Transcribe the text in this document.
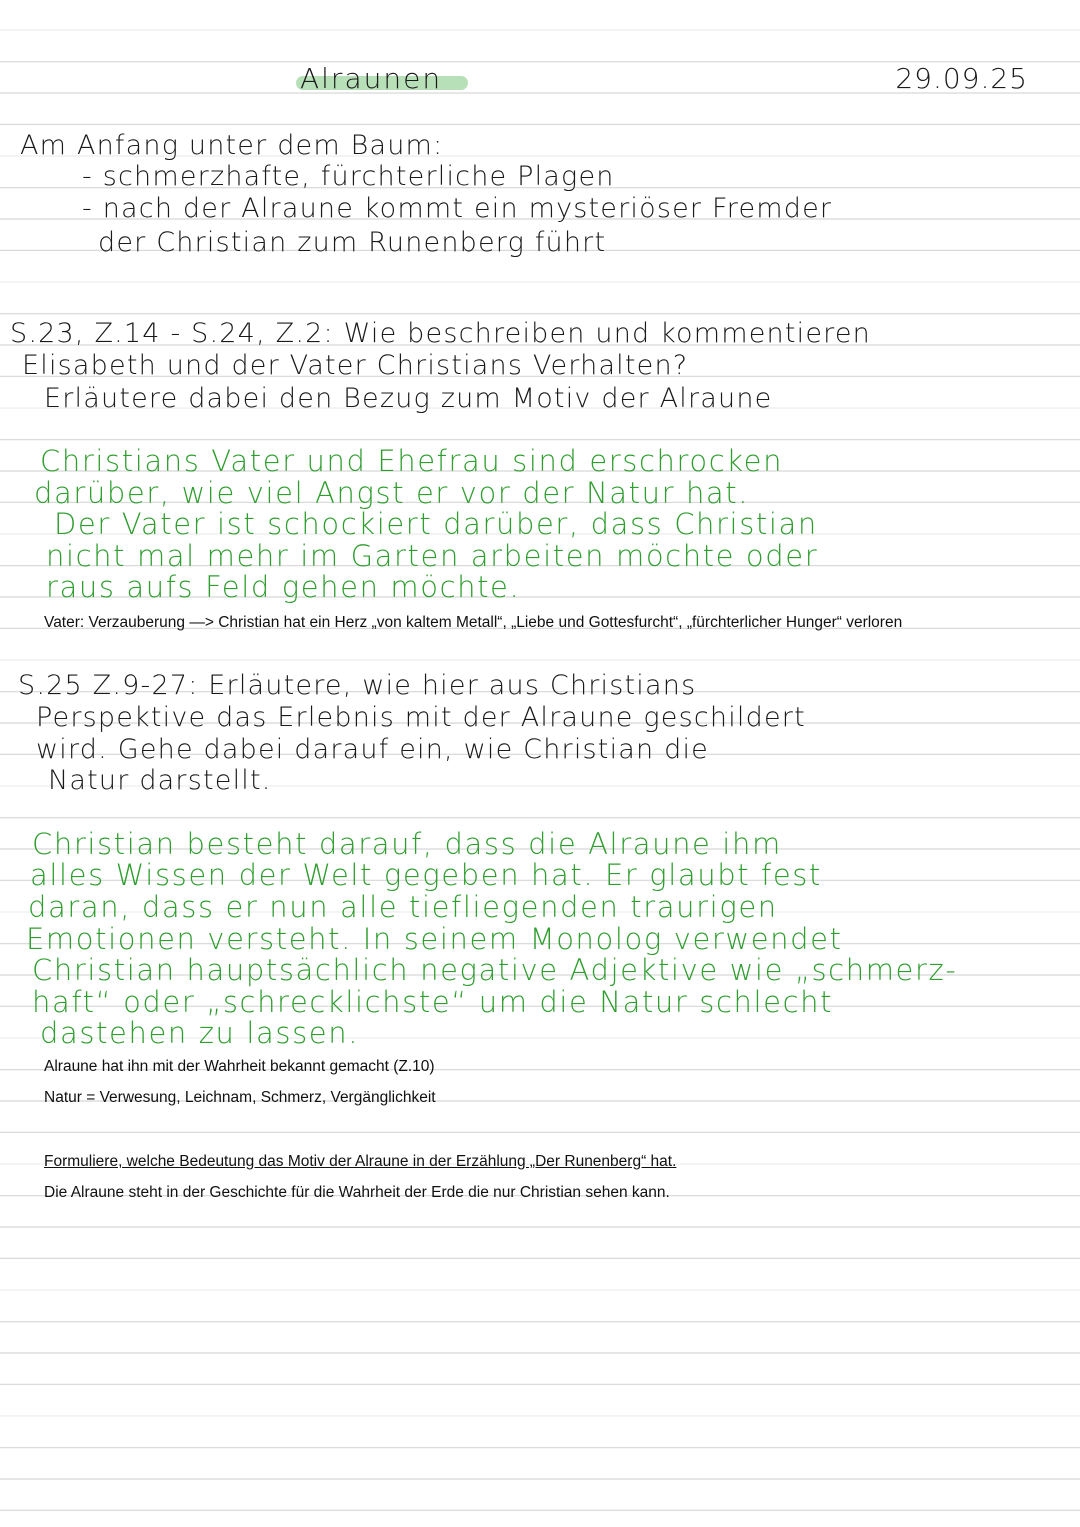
Alraunen	29.09.25

Am Anfang unter dem Baum:

- schmerzhafte, fürchterliche Plagen

- nach der Alraune kommt ein mysteriöser Fremder

der Christian zum Runenberg führt

S.23, Z.14 - S.24, Z.2: Wie beschreiben und kommentieren

Elisabeth und der Vater Christians Verhalten?

Erläutere dabei den Bezug zum Motiv der Alraune

Christians Vater und Ehefrau sind erschrocken

darüber, wie viel Angst er vor der Natur hat.

Der Vater ist schockiert darüber, dass Christian

nicht mal mehr im Garten arbeiten möchte oder

raus aufs Feld gehen möchte.

Vater: Verzauberung —> Christian hat ein Herz „von kaltem Metall“, „Liebe und Gottesfurcht“, „fürchterlicher Hunger“ verloren

S.25 Z.9-27: Erläutere, wie hier aus Christians

Perspektive das Erlebnis mit der Alraune geschildert

wird. Gehe dabei darauf ein, wie Christian die

Natur darstellt.

Christian besteht darauf, dass die Alraune ihm

alles Wissen der Welt gegeben hat. Er glaubt fest

daran, dass er nun alle tiefliegenden traurigen

Emotionen versteht. In seinem Monolog verwendet

Christian hauptsächlich negative Adjektive wie „schmerz-

haft“ oder „schrecklichste“ um die Natur schlecht

dastehen zu lassen.

Alraune hat ihn mit der Wahrheit bekannt gemacht (Z.10)

Natur = Verwesung, Leichnam, Schmerz, Vergänglichkeit

Formuliere, welche Bedeutung das Motiv der Alraune in der Erzählung „Der Runenberg“ hat.

Die Alraune steht in der Geschichte für die Wahrheit der Erde die nur Christian sehen kann.
